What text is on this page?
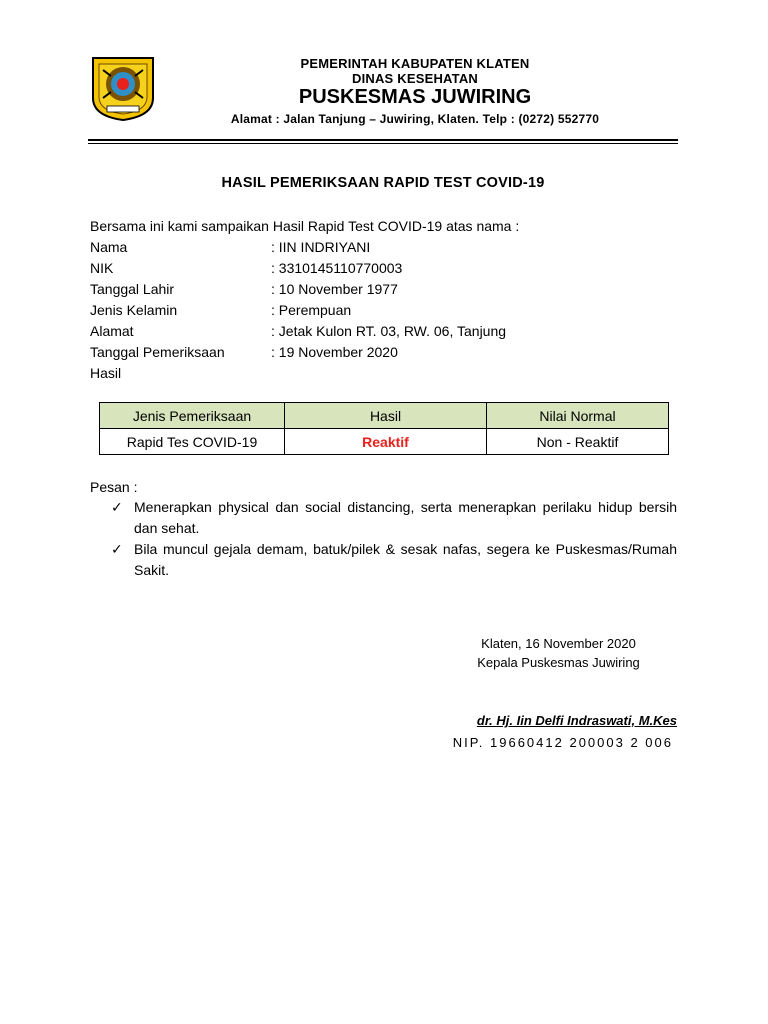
PEMERINTAH KABUPATEN KLATEN
DINAS KESEHATAN
PUSKESMAS JUWIRING
Alamat : Jalan Tanjung – Juwiring, Klaten. Telp : (0272) 552770
HASIL PEMERIKSAAN RAPID TEST COVID-19
Bersama ini kami sampaikan Hasil Rapid Test COVID-19 atas nama :
Nama	: IIN INDRIYANI
NIK	: 3310145110770003
Tanggal Lahir	: 10 November 1977
Jenis Kelamin	: Perempuan
Alamat	: Jetak Kulon RT. 03, RW. 06, Tanjung
Tanggal Pemeriksaan	: 19 November 2020
Hasil
Jenis Pemeriksaan	Hasil	Nilai Normal
Rapid Tes COVID-19	Reaktif	Non - Reaktif
Pesan :
✓ Menerapkan physical dan social distancing, serta menerapkan perilaku hidup bersih dan sehat.
✓ Bila muncul gejala demam, batuk/pilek & sesak nafas, segera ke Puskesmas/Rumah Sakit.
Klaten, 16 November 2020
Kepala Puskesmas Juwiring
dr. Hj. Iin Delfi Indraswati, M.Kes
NIP. 19660412 200003 2 006
